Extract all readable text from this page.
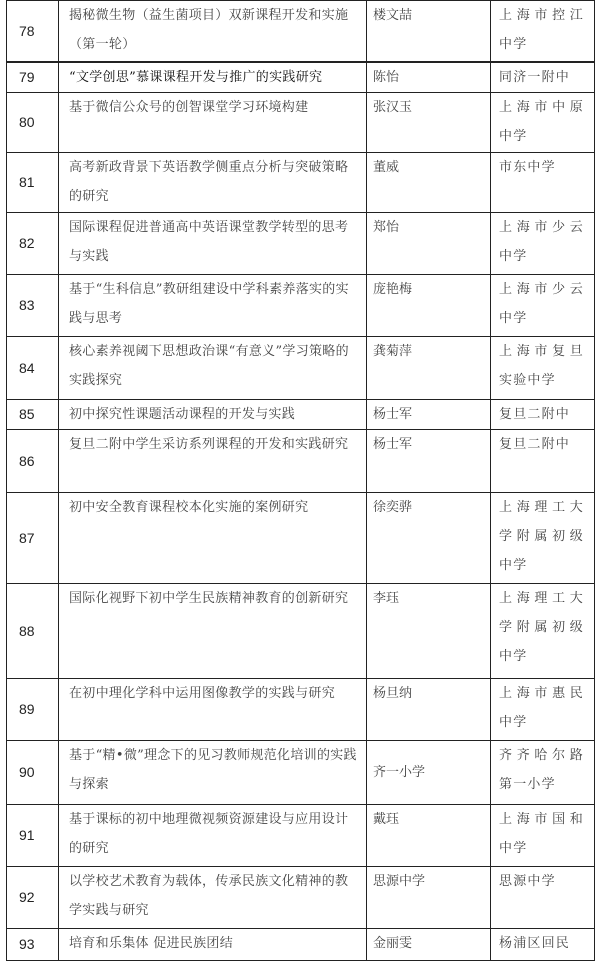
78	揭秘微生物（益生菌项目）双新课程开发和实施（第一轮）	楼文喆	上海市控江中学
79	“文学创思”慕课课程开发与推广的实践研究	陈怡	同济一附中
80	基于微信公众号的创智课堂学习环境构建	张汉玉	上海市中原中学
81	高考新政背景下英语教学侧重点分析与突破策略的研究	董威	市东中学
82	国际课程促进普通高中英语课堂教学转型的思考与实践	郑怡	上海市少云中学
83	基于“生科信息”教研组建设中学科素养落实的实践与思考	庞艳梅	上海市少云中学
84	核心素养视阈下思想政治课“有意义”学习策略的实践探究	龚菊萍	上海市复旦实验中学
85	初中探究性课题活动课程的开发与实践	杨士军	复旦二附中
86	复旦二附中学生采访系列课程的开发和实践研究	杨士军	复旦二附中
87	初中安全教育课程校本化实施的案例研究	徐奕骅	上海理工大学附属初级中学
88	国际化视野下初中学生民族精神教育的创新研究	李珏	上海理工大学附属初级中学
89	在初中理化学科中运用图像教学的实践与研究	杨旦纳	上海市惠民中学
90	基于“精•微”理念下的见习教师规范化培训的实践与探索	齐一小学	齐齐哈尔路第一小学
91	基于课标的初中地理微视频资源建设与应用设计的研究	戴珏	上海市国和中学
92	以学校艺术教育为载体，传承民族文化精神的教学实践与研究	思源中学	思源中学
93	培育和乐集体 促进民族团结	金丽雯	杨浦区回民
